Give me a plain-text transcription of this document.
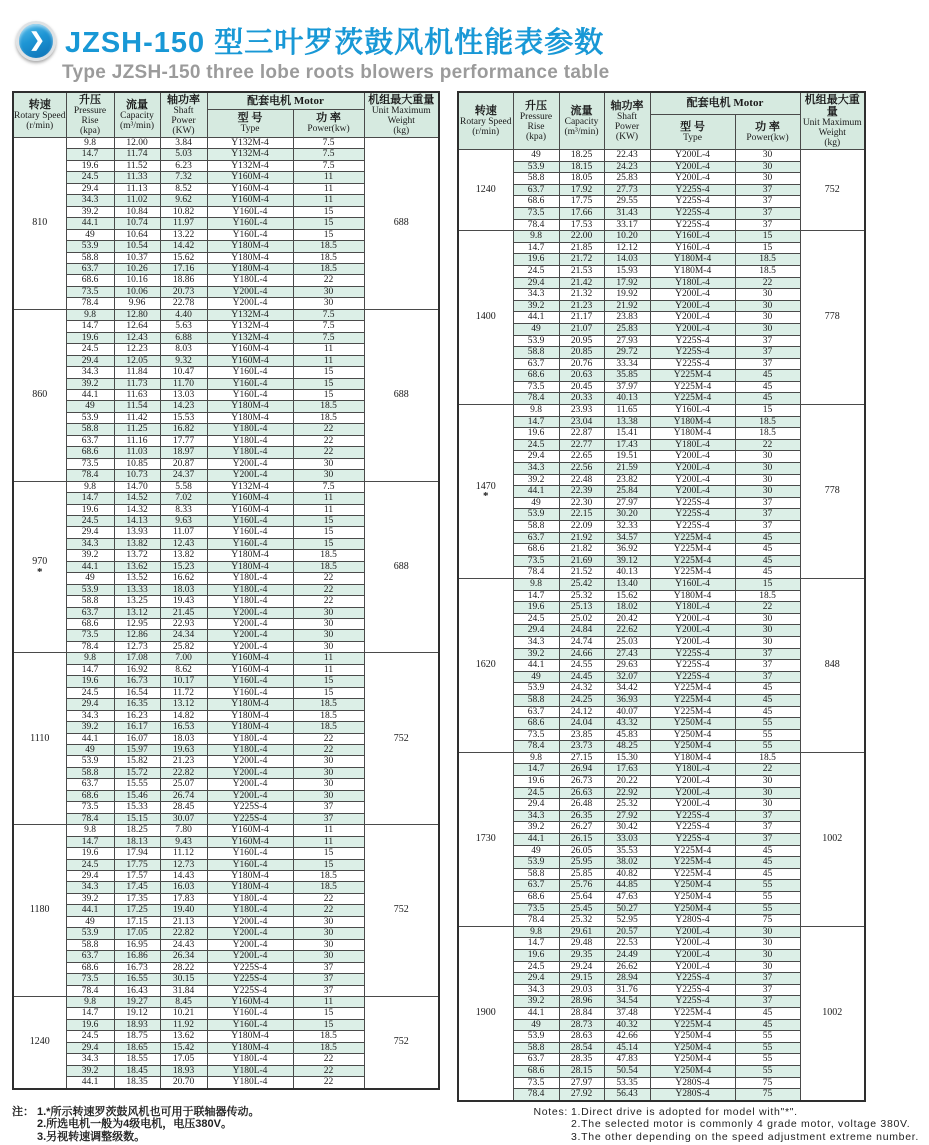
❯ JZSH-150 型三叶罗茨鼓风机性能表参数
Type JZSH-150 three lobe roots blowers performance table
转速
Rotary Speed
(r/min)

升压
Pressure Rise
(kpa)

流量
Capacity
(m³/min)

轴功率
Shaft Power
(KW)

配套电机 Motor	机组最大重量
Unit Maximum Weight
(kg)

型 号
Type

功 率
Power(kw)

810	9.8	12.00	3.84	Y132M-4	7.5	688
	14.7	11.74	5.03	Y132M-4	7.5	
	19.6	11.52	6.23	Y132M-4	7.5	
	24.5	11.33	7.32	Y160M-4	11	
	29.4	11.13	8.52	Y160M-4	11	
	34.3	11.02	9.62	Y160M-4	11	
	39.2	10.84	10.82	Y160L-4	15	
	44.1	10.74	11.97	Y160L-4	15	
	49	10.64	13.22	Y160L-4	15	
	53.9	10.54	14.42	Y180M-4	18.5	
	58.8	10.37	15.62	Y180M-4	18.5	
	63.7	10.26	17.16	Y180M-4	18.5	
	68.6	10.16	18.86	Y180L-4	22	
	73.5	10.06	20.73	Y200L-4	30	
	78.4	9.96	22.78	Y200L-4	30	
860	9.8	12.80	4.40	Y132M-4	7.5	688
	14.7	12.64	5.63	Y132M-4	7.5	
	19.6	12.43	6.88	Y132M-4	7.5	
	24.5	12.23	8.03	Y160M-4	11	
	29.4	12.05	9.32	Y160M-4	11	
	34.3	11.84	10.47	Y160L-4	15	
	39.2	11.73	11.70	Y160L-4	15	
	44.1	11.63	13.03	Y160L-4	15	
	49	11.54	14.23	Y180M-4	18.5	
	53.9	11.42	15.53	Y180M-4	18.5	
	58.8	11.25	16.82	Y180L-4	22	
	63.7	11.16	17.77	Y180L-4	22	
	68.6	11.03	18.97	Y180L-4	22	
	73.5	10.85	20.87	Y200L-4	30	
	78.4	10.73	24.37	Y200L-4	30	
970
*	9.8	14.70	5.58	Y132M-4	7.5	688
	14.7	14.52	7.02	Y160M-4	11	
	19.6	14.32	8.33	Y160M-4	11	
	24.5	14.13	9.63	Y160L-4	15	
	29.4	13.93	11.07	Y160L-4	15	
	34.3	13.82	12.43	Y160L-4	15	
	39.2	13.72	13.82	Y180M-4	18.5	
	44.1	13.62	15.23	Y180M-4	18.5	
	49	13.52	16.62	Y180L-4	22	
	53.9	13.33	18.03	Y180L-4	22	
	58.8	13.25	19.43	Y180L-4	22	
	63.7	13.12	21.45	Y200L-4	30	
	68.6	12.95	22.93	Y200L-4	30	
	73.5	12.86	24.34	Y200L-4	30	
	78.4	12.73	25.82	Y200L-4	30	
1110	9.8	17.08	7.00	Y160M-4	11	752
	14.7	16.92	8.62	Y160M-4	11	
	19.6	16.73	10.17	Y160L-4	15	
	24.5	16.54	11.72	Y160L-4	15	
	29.4	16.35	13.12	Y180M-4	18.5	
	34.3	16.23	14.82	Y180M-4	18.5	
	39.2	16.17	16.53	Y180M-4	18.5	
	44.1	16.07	18.03	Y180L-4	22	
	49	15.97	19.63	Y180L-4	22	
	53.9	15.82	21.23	Y200L-4	30	
	58.8	15.72	22.82	Y200L-4	30	
	63.7	15.55	25.07	Y200L-4	30	
	68.6	15.46	26.74	Y200L-4	30	
	73.5	15.33	28.45	Y225S-4	37	
	78.4	15.15	30.07	Y225S-4	37	
1180	9.8	18.25	7.80	Y160M-4	11	752
	14.7	18.13	9.43	Y160M-4	11	
	19.6	17.94	11.12	Y160L-4	15	
	24.5	17.75	12.73	Y160L-4	15	
	29.4	17.57	14.43	Y180M-4	18.5	
	34.3	17.45	16.03	Y180M-4	18.5	
	39.2	17.35	17.83	Y180L-4	22	
	44.1	17.25	19.40	Y180L-4	22	
	49	17.15	21.13	Y200L-4	30	
	53.9	17.05	22.82	Y200L-4	30	
	58.8	16.95	24.43	Y200L-4	30	
	63.7	16.86	26.34	Y200L-4	30	
	68.6	16.73	28.22	Y225S-4	37	
	73.5	16.55	30.15	Y225S-4	37	
	78.4	16.43	31.84	Y225S-4	37	
1240	9.8	19.27	8.45	Y160M-4	11	752
	14.7	19.12	10.21	Y160L-4	15	
	19.6	18.93	11.92	Y160L-4	15	
	24.5	18.75	13.62	Y180M-4	18.5	
	29.4	18.65	15.42	Y180M-4	18.5	
	34.3	18.55	17.05	Y180L-4	22	
	39.2	18.45	18.93	Y180L-4	22	
	44.1	18.35	20.70	Y180L-4	22	
转速
Rotary Speed
(r/min)

升压
Pressure Rise
(kpa)

流量
Capacity
(m³/min)

轴功率
Shaft Power
(KW)

配套电机 Motor	机组最大重量
Unit Maximum Weight
(kg)

型 号
Type

功 率
Power(kw)

1240	49	18.25	22.43	Y200L-4	30	752
	53.9	18.15	24.23	Y200L-4	30	
	58.8	18.05	25.83	Y200L-4	30	
	63.7	17.92	27.73	Y225S-4	37	
	68.6	17.75	29.55	Y225S-4	37	
	73.5	17.66	31.43	Y225S-4	37	
	78.4	17.53	33.17	Y225S-4	37	
1400	9.8	22.00	10.20	Y160L-4	15	778
	14.7	21.85	12.12	Y160L-4	15	
	19.6	21.72	14.03	Y180M-4	18.5	
	24.5	21.53	15.93	Y180M-4	18.5	
	29.4	21.42	17.92	Y180L-4	22	
	34.3	21.32	19.92	Y200L-4	30	
	39.2	21.23	21.92	Y200L-4	30	
	44.1	21.17	23.83	Y200L-4	30	
	49	21.07	25.83	Y200L-4	30	
	53.9	20.95	27.93	Y225S-4	37	
	58.8	20.85	29.72	Y225S-4	37	
	63.7	20.76	33.34	Y225S-4	37	
	68.6	20.63	35.85	Y225M-4	45	
	73.5	20.45	37.97	Y225M-4	45	
	78.4	20.33	40.13	Y225M-4	45	
1470
*	9.8	23.93	11.65	Y160L-4	15	778
	14.7	23.04	13.38	Y180M-4	18.5	
	19.6	22.87	15.41	Y180M-4	18.5	
	24.5	22.77	17.43	Y180L-4	22	
	29.4	22.65	19.51	Y200L-4	30	
	34.3	22.56	21.59	Y200L-4	30	
	39.2	22.48	23.82	Y200L-4	30	
	44.1	22.39	25.84	Y200L-4	30	
	49	22.30	27.97	Y225S-4	37	
	53.9	22.15	30.20	Y225S-4	37	
	58.8	22.09	32.33	Y225S-4	37	
	63.7	21.92	34.57	Y225M-4	45	
	68.6	21.82	36.92	Y225M-4	45	
	73.5	21.69	39.12	Y225M-4	45	
	78.4	21.52	40.13	Y225M-4	45	
1620	9.8	25.42	13.40	Y160L-4	15	848
	14.7	25.32	15.62	Y180M-4	18.5	
	19.6	25.13	18.02	Y180L-4	22	
	24.5	25.02	20.42	Y200L-4	30	
	29.4	24.84	22.62	Y200L-4	30	
	34.3	24.74	25.03	Y200L-4	30	
	39.2	24.66	27.43	Y225S-4	37	
	44.1	24.55	29.63	Y225S-4	37	
	49	24.45	32.07	Y225S-4	37	
	53.9	24.32	34.42	Y225M-4	45	
	58.8	24.25	36.93	Y225M-4	45	
	63.7	24.12	40.07	Y225M-4	45	
	68.6	24.04	43.32	Y250M-4	55	
	73.5	23.85	45.83	Y250M-4	55	
	78.4	23.73	48.25	Y250M-4	55	
1730	9.8	27.15	15.30	Y180M-4	18.5	1002
	14.7	26.94	17.63	Y180L-4	22	
	19.6	26.73	20.22	Y200L-4	30	
	24.5	26.63	22.92	Y200L-4	30	
	29.4	26.48	25.32	Y200L-4	30	
	34.3	26.35	27.92	Y225S-4	37	
	39.2	26.27	30.42	Y225S-4	37	
	44.1	26.15	33.03	Y225S-4	37	
	49	26.05	35.53	Y225M-4	45	
	53.9	25.95	38.02	Y225M-4	45	
	58.8	25.85	40.82	Y225M-4	45	
	63.7	25.76	44.85	Y250M-4	55	
	68.6	25.64	47.63	Y250M-4	55	
	73.5	25.45	50.27	Y250M-4	55	
	78.4	25.32	52.95	Y280S-4	75	
1900	9.8	29.61	20.57	Y200L-4	30	1002
	14.7	29.48	22.53	Y200L-4	30	
	19.6	29.35	24.49	Y200L-4	30	
	24.5	29.24	26.62	Y200L-4	30	
	29.4	29.15	28.94	Y225S-4	37	
	34.3	29.03	31.76	Y225S-4	37	
	39.2	28.96	34.54	Y225S-4	37	
	44.1	28.84	37.48	Y225M-4	45	
	49	28.73	40.32	Y225M-4	45	
	53.9	28.63	42.66	Y250M-4	55	
	58.8	28.54	45.14	Y250M-4	55	
	63.7	28.35	47.83	Y250M-4	55	
	68.6	28.15	50.54	Y250M-4	55	
	73.5	27.97	53.35	Y280S-4	75	
	78.4	27.92	56.43	Y280S-4	75	
注： 1.*所示转速罗茨鼓风机也可用于联轴器传动。
2.所选电机一般为4级电机，电压380V。
3.另视转速调整级数。
Notes: 1.Direct drive is adopted for model with"*".
2.The selected motor is commonly 4 grade motor, voltage 380V.
3.The other depending on the speed adjustment extreme number.
